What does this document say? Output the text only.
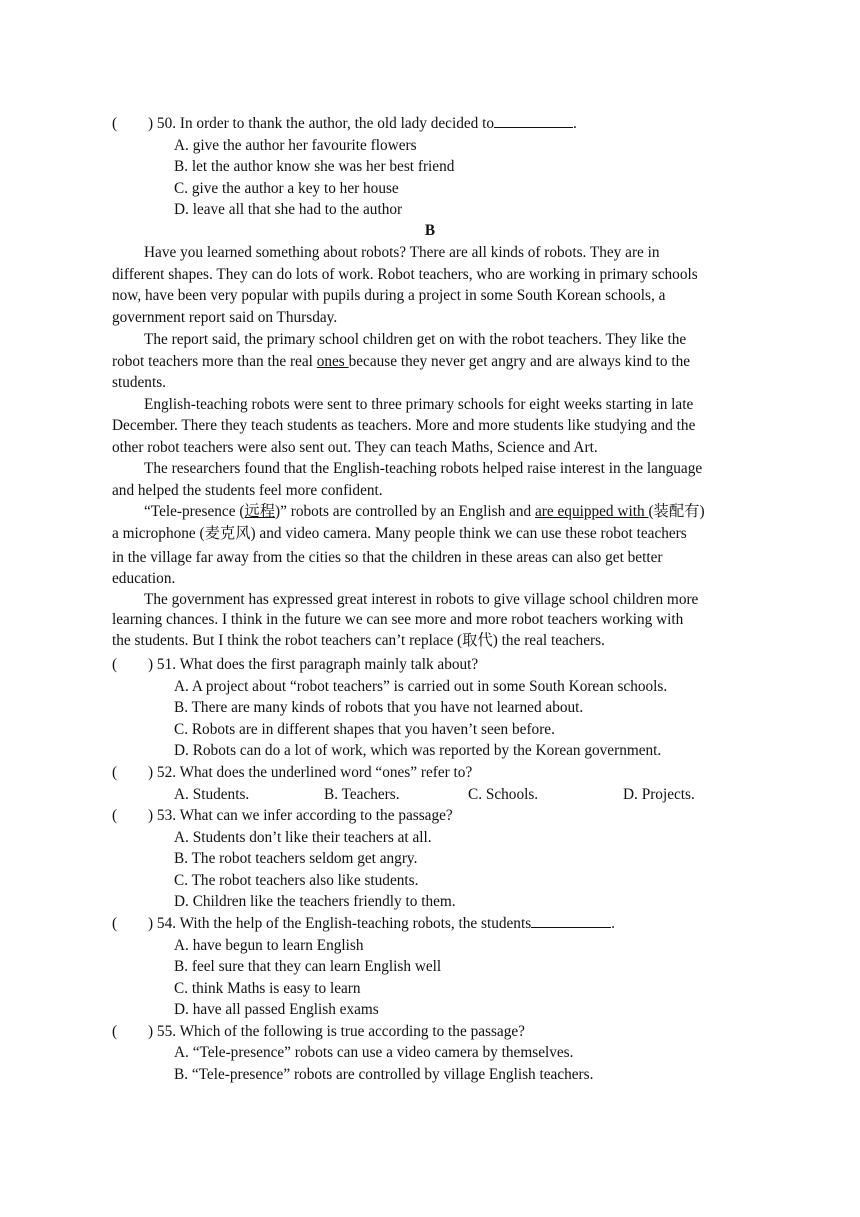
( ) 50. In order to thank the author, the old lady decided to	.
A. give the author her favourite flowers
B. let the author know she was her best friend
C. give the author a key to her house
D. leave all that she had to the author
B
Have you learned something about robots? There are all kinds of robots. They are in
different shapes. They can do lots of work. Robot teachers, who are working in primary schools
now, have been very popular with pupils during a project in some South Korean schools, a
government report said on Thursday.
The report said, the primary school children get on with the robot teachers. They like the
robot teachers more than the real ones because they never get angry and are always kind to the
students.
English-teaching robots were sent to three primary schools for eight weeks starting in late
December. There they teach students as teachers. More and more students like studying and the
other robot teachers were also sent out. They can teach Maths, Science and Art.
The researchers found that the English-teaching robots helped raise interest in the language
and helped the students feel more confident.
“Tele-presence (远程)” robots are controlled by an English and are equipped with (装配有)
a microphone (麦克风) and video camera. Many people think we can use these robot teachers
in the village far away from the cities so that the children in these areas can also get better
education.
The government has expressed great interest in robots to give village school children more
learning chances. I think in the future we can see more and more robot teachers working with
the students. But I think the robot teachers can’t replace (取代) the real teachers.
( ) 51. What does the first paragraph mainly talk about?
A. A project about “robot teachers” is carried out in some South Korean schools.
B. There are many kinds of robots that you have not learned about.
C. Robots are in different shapes that you haven’t seen before.
D. Robots can do a lot of work, which was reported by the Korean government.
( ) 52. What does the underlined word “ones” refer to?
A. Students.	B. Teachers.	C. Schools.	D. Projects.
( ) 53. What can we infer according to the passage?
A. Students don’t like their teachers at all.
B. The robot teachers seldom get angry.
C. The robot teachers also like students.
D. Children like the teachers friendly to them.
( ) 54. With the help of the English-teaching robots, the students	.
A. have begun to learn English
B. feel sure that they can learn English well
C. think Maths is easy to learn
D. have all passed English exams
( ) 55. Which of the following is true according to the passage?
A. “Tele-presence” robots can use a video camera by themselves.
B. “Tele-presence” robots are controlled by village English teachers.
